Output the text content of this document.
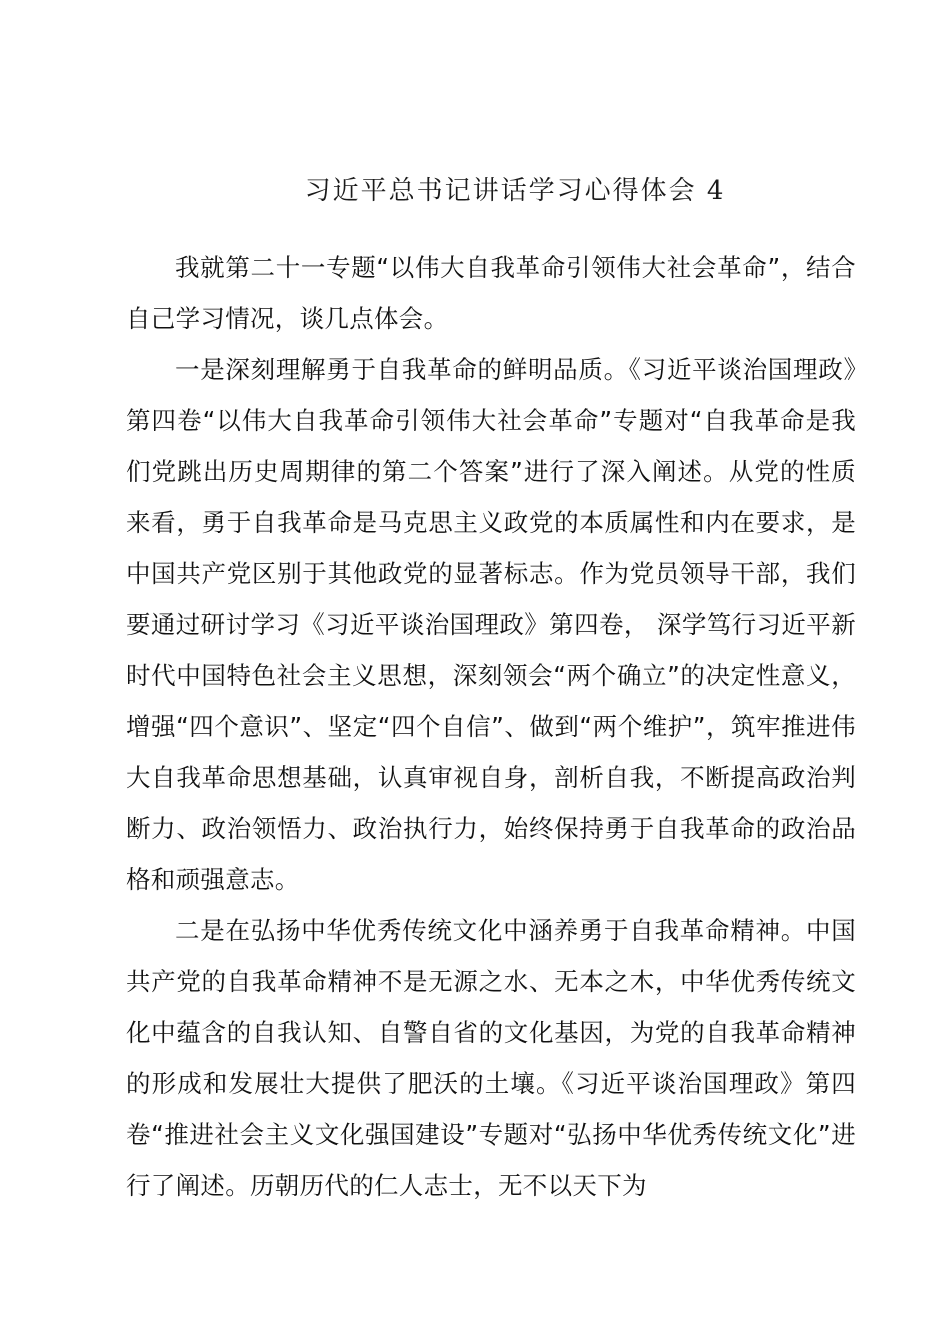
习近平总书记讲话学习心得体会 4

我就第二十一专题“以伟大自我革命引领伟大社会革命”，结合自己学习情况，谈几点体会。

一是深刻理解勇于自我革命的鲜明品质。《习近平谈治国理政》第四卷“以伟大自我革命引领伟大社会革命”专题对“自我革命是我们党跳出历史周期律的第二个答案”进行了深入阐述。从党的性质来看，勇于自我革命是马克思主义政党的本质属性和内在要求，是中国共产党区别于其他政党的显著标志。作为党员领导干部，我们要通过研讨学习《习近平谈治国理政》第四卷， 深学笃行习近平新时代中国特色社会主义思想，深刻领会“两个确立”的决定性意义，增强“四个意识”、坚定“四个自信”、做到“两个维护”，筑牢推进伟大自我革命思想基础，认真审视自身，剖析自我，不断提高政治判断力、政治领悟力、政治执行力，始终保持勇于自我革命的政治品格和顽强意志。

二是在弘扬中华优秀传统文化中涵养勇于自我革命精神。中国共产党的自我革命精神不是无源之水、无本之木，中华优秀传统文化中蕴含的自我认知、自警自省的文化基因，为党的自我革命精神的形成和发展壮大提供了肥沃的土壤。《习近平谈治国理政》第四卷“推进社会主义文化强国建设”专题对“弘扬中华优秀传统文化”进行了阐述。历朝历代的仁人志士，无不以天下为
